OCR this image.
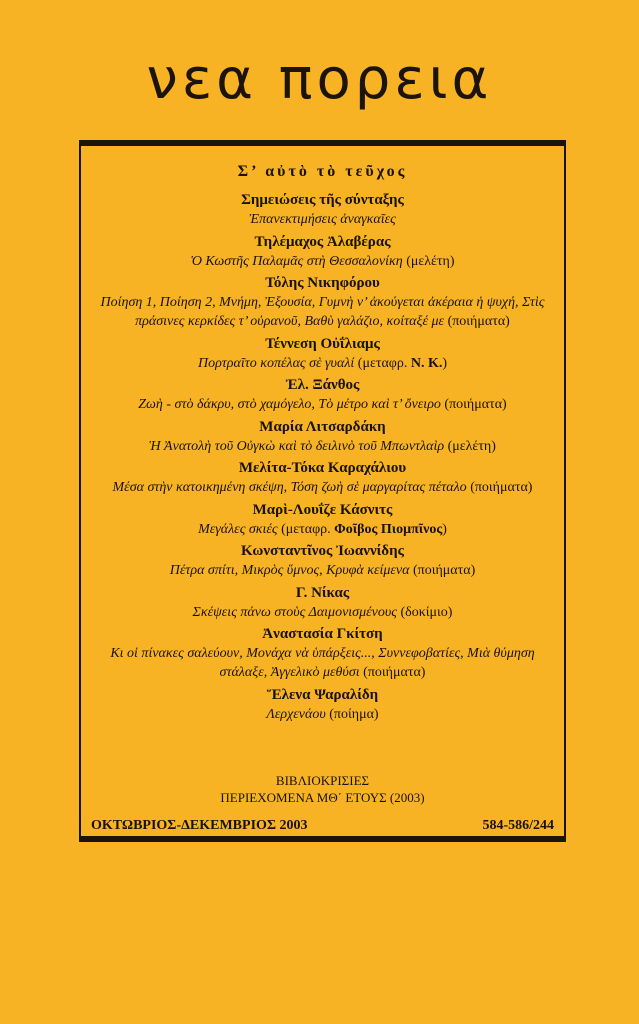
νεα πορεια
Σ’ αὐτὸ τὸ τεῦχος
Σημειώσεις τῆς σύνταξης
Ἐπανεκτιμήσεις ἀναγκαῖες
Τηλέμαχος Ἀλαβέρας
Ὁ Κωστῆς Παλαμᾶς στὴ Θεσσαλονίκη (μελέτη)
Τόλης Νικηφόρου
Ποίηση 1, Ποίηση 2, Μνήμη, Ἐξουσία, Γυμνὴ ν’ ἀκούγεται ἀκέραια ἡ ψυχή, Στὶς πράσινες κερκίδες τ’ οὐρανοῦ, Βαθὺ γαλάζιο, κοίταξέ με (ποιήματα)
Τέννεση Οὐΐλιαμς
Πορτραῖτο κοπέλας σὲ γυαλί (μεταφρ. Ν. Κ.)
Ἐλ. Ξάνθος
Ζωὴ - στὸ δάκρυ, στὸ χαμόγελο, Τὸ μέτρο καὶ τ’ ὄνειρο (ποιήματα)
Μαρία Λιτσαρδάκη
Ἡ Ἀνατολὴ τοῦ Οὐγκὼ καὶ τὸ δειλινὸ τοῦ Μπωντλαὶρ (μελέτη)
Μελίτα-Τόκα Καραχάλιου
Μέσα στὴν κατοικημένη σκέψη, Τόση ζωὴ σὲ μαργαρίτας πέταλο (ποιήματα)
Μαρὶ-Λουΐζε Κάσνιτς
Μεγάλες σκιές (μεταφρ. Φοῖβος Πιομπῖνος)
Κωνσταντῖνος Ἰωαννίδης
Πέτρα σπίτι, Μικρὸς ὕμνος, Κρυφὰ κείμενα (ποιήματα)
Γ. Νίκας
Σκέψεις πάνω στοὺς Δαιμονισμένους (δοκίμιο)
Ἀναστασία Γκίτση
Κι οἱ πίνακες σαλεύουν, Μονάχα νὰ ὑπάρξεις..., Συννεφοβατίες, Μιὰ θύμηση στάλαξε, Ἀγγελικὸ μεθύσι (ποιήματα)
Ἕλενα Ψαραλίδη
Λερχενάου (ποίημα)
ΒΙΒΛΙΟΚΡΙΣΙΕΣ
ΠΕΡΙΕΧΟΜΕΝΑ ΜΘ΄ ΕΤΟΥΣ (2003)
ΟΚΤΩΒΡΙΟΣ-ΔΕΚΕΜΒΡΙΟΣ 2003	584-586/244
